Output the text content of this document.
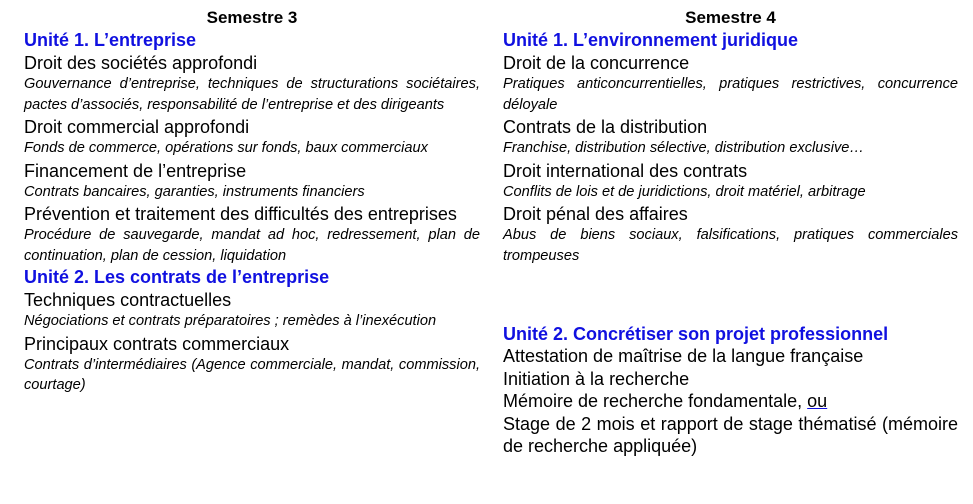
Semestre 3
Unité 1. L’entreprise
Droit des sociétés approfondi
Gouvernance d’entreprise, techniques de structurations sociétaires, pactes d’associés, responsabilité de l’entreprise et des dirigeants
Droit commercial approfondi
Fonds de commerce, opérations sur fonds, baux commerciaux
Financement de l’entreprise
Contrats bancaires, garanties, instruments financiers
Prévention et traitement des difficultés des entreprises
Procédure de sauvegarde, mandat ad hoc, redressement, plan de continuation, plan de cession, liquidation
Unité 2. Les contrats de l’entreprise
Techniques contractuelles
Négociations et contrats préparatoires ; remèdes à l’inexécution
Principaux contrats commerciaux
Contrats d’intermédiaires (Agence commerciale, mandat, commission, courtage)
Semestre 4
Unité 1. L’environnement juridique
Droit de la concurrence
Pratiques anticoncurrentielles, pratiques restrictives, concurrence déloyale
Contrats de la distribution
Franchise, distribution sélective, distribution exclusive…
Droit international des contrats
Conflits de lois et de juridictions, droit matériel, arbitrage
Droit pénal des affaires
Abus de biens sociaux, falsifications, pratiques commerciales trompeuses
Unité 2. Concrétiser son projet professionnel
Attestation de maîtrise de la langue française
Initiation à la recherche
Mémoire de recherche fondamentale, ou
Stage de 2 mois et rapport de stage thématisé (mémoire de recherche appliquée)
